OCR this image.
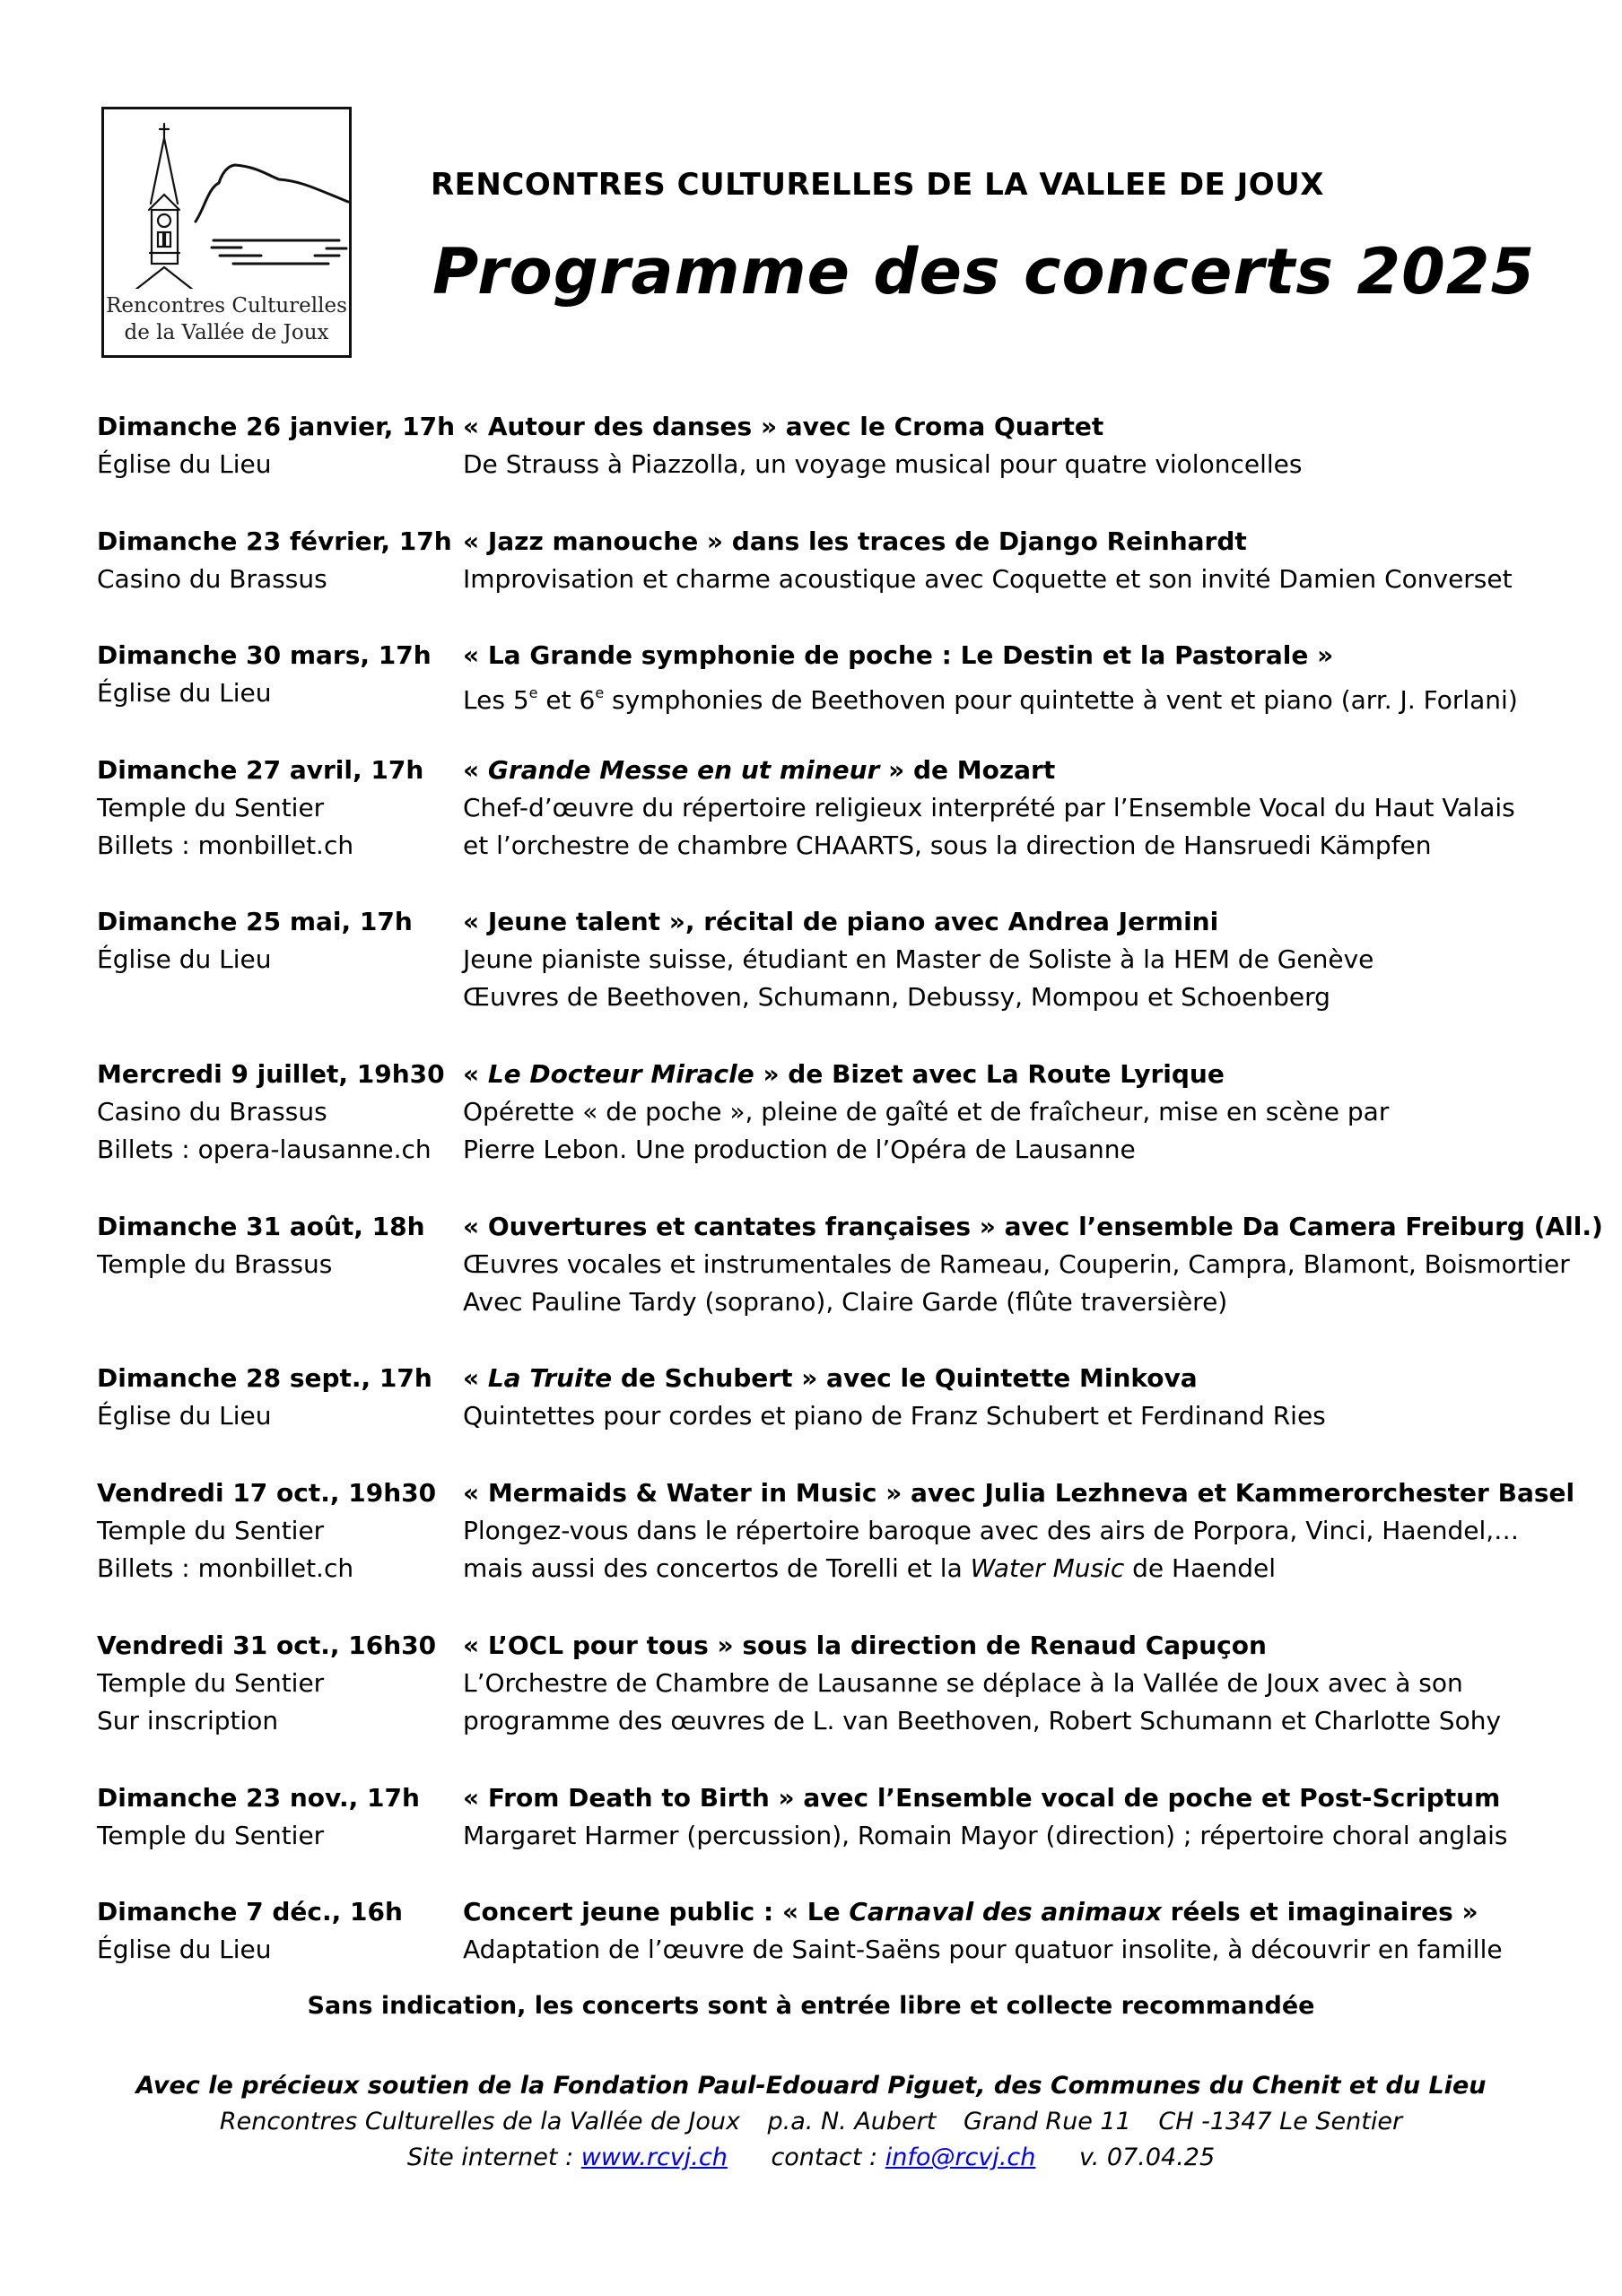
Rencontres Culturelles
de la Vallée de Joux
RENCONTRES CULTURELLES DE LA VALLEE DE JOUX
Programme des concerts 2025
Dimanche 26 janvier, 17h
Église du Lieu
« Autour des danses » avec le Croma Quartet
De Strauss à Piazzolla, un voyage musical pour quatre violoncelles
Dimanche 23 février, 17h
Casino du Brassus
« Jazz manouche » dans les traces de Django Reinhardt
Improvisation et charme acoustique avec Coquette et son invité Damien Converset
Dimanche 30 mars, 17h
Église du Lieu
« La Grande symphonie de poche : Le Destin et la Pastorale »
Les 5e et 6e symphonies de Beethoven pour quintette à vent et piano (arr. J. Forlani)
Dimanche 27 avril, 17h
Temple du Sentier
Billets : monbillet.ch
« Grande Messe en ut mineur » de Mozart
Chef-d’œuvre du répertoire religieux interprété par l’Ensemble Vocal du Haut Valais
et l’orchestre de chambre CHAARTS, sous la direction de Hansruedi Kämpfen
Dimanche 25 mai, 17h
Église du Lieu
« Jeune talent », récital de piano avec Andrea Jermini
Jeune pianiste suisse, étudiant en Master de Soliste à la HEM de Genève
Œuvres de Beethoven, Schumann, Debussy, Mompou et Schoenberg
Mercredi 9 juillet, 19h30
Casino du Brassus
Billets : opera-lausanne.ch
« Le Docteur Miracle » de Bizet avec La Route Lyrique
Opérette « de poche », pleine de gaîté et de fraîcheur, mise en scène par
Pierre Lebon. Une production de l’Opéra de Lausanne
Dimanche 31 août, 18h
Temple du Brassus
« Ouvertures et cantates françaises » avec l’ensemble Da Camera Freiburg (All.)
Œuvres vocales et instrumentales de Rameau, Couperin, Campra, Blamont, Boismortier
Avec Pauline Tardy (soprano), Claire Garde (flûte traversière)
Dimanche 28 sept., 17h
Église du Lieu
« La Truite de Schubert » avec le Quintette Minkova
Quintettes pour cordes et piano de Franz Schubert et Ferdinand Ries
Vendredi 17 oct., 19h30
Temple du Sentier
Billets : monbillet.ch
« Mermaids & Water in Music » avec Julia Lezhneva et Kammerorchester Basel
Plongez-vous dans le répertoire baroque avec des airs de Porpora, Vinci, Haendel,…
mais aussi des concertos de Torelli et la Water Music de Haendel
Vendredi 31 oct., 16h30
Temple du Sentier
Sur inscription
« L’OCL pour tous » sous la direction de Renaud Capuçon
L’Orchestre de Chambre de Lausanne se déplace à la Vallée de Joux avec à son
programme des œuvres de L. van Beethoven, Robert Schumann et Charlotte Sohy
Dimanche 23 nov., 17h
Temple du Sentier
« From Death to Birth » avec l’Ensemble vocal de poche et Post-Scriptum
Margaret Harmer (percussion), Romain Mayor (direction) ; répertoire choral anglais
Dimanche 7 déc., 16h
Église du Lieu
Concert jeune public : « Le Carnaval des animaux réels et imaginaires »
Adaptation de l’œuvre de Saint-Saëns pour quatuor insolite, à découvrir en famille
Sans indication, les concerts sont à entrée libre et collecte recommandée
Avec le précieux soutien de la Fondation Paul-Edouard Piguet, des Communes du Chenit et du Lieu
Rencontres Culturelles de la Vallée de Joux p.a. N. Aubert Grand Rue 11 CH -1347 Le Sentier
Site internet : www.rcvj.ch contact : info@rcvj.ch v. 07.04.25
